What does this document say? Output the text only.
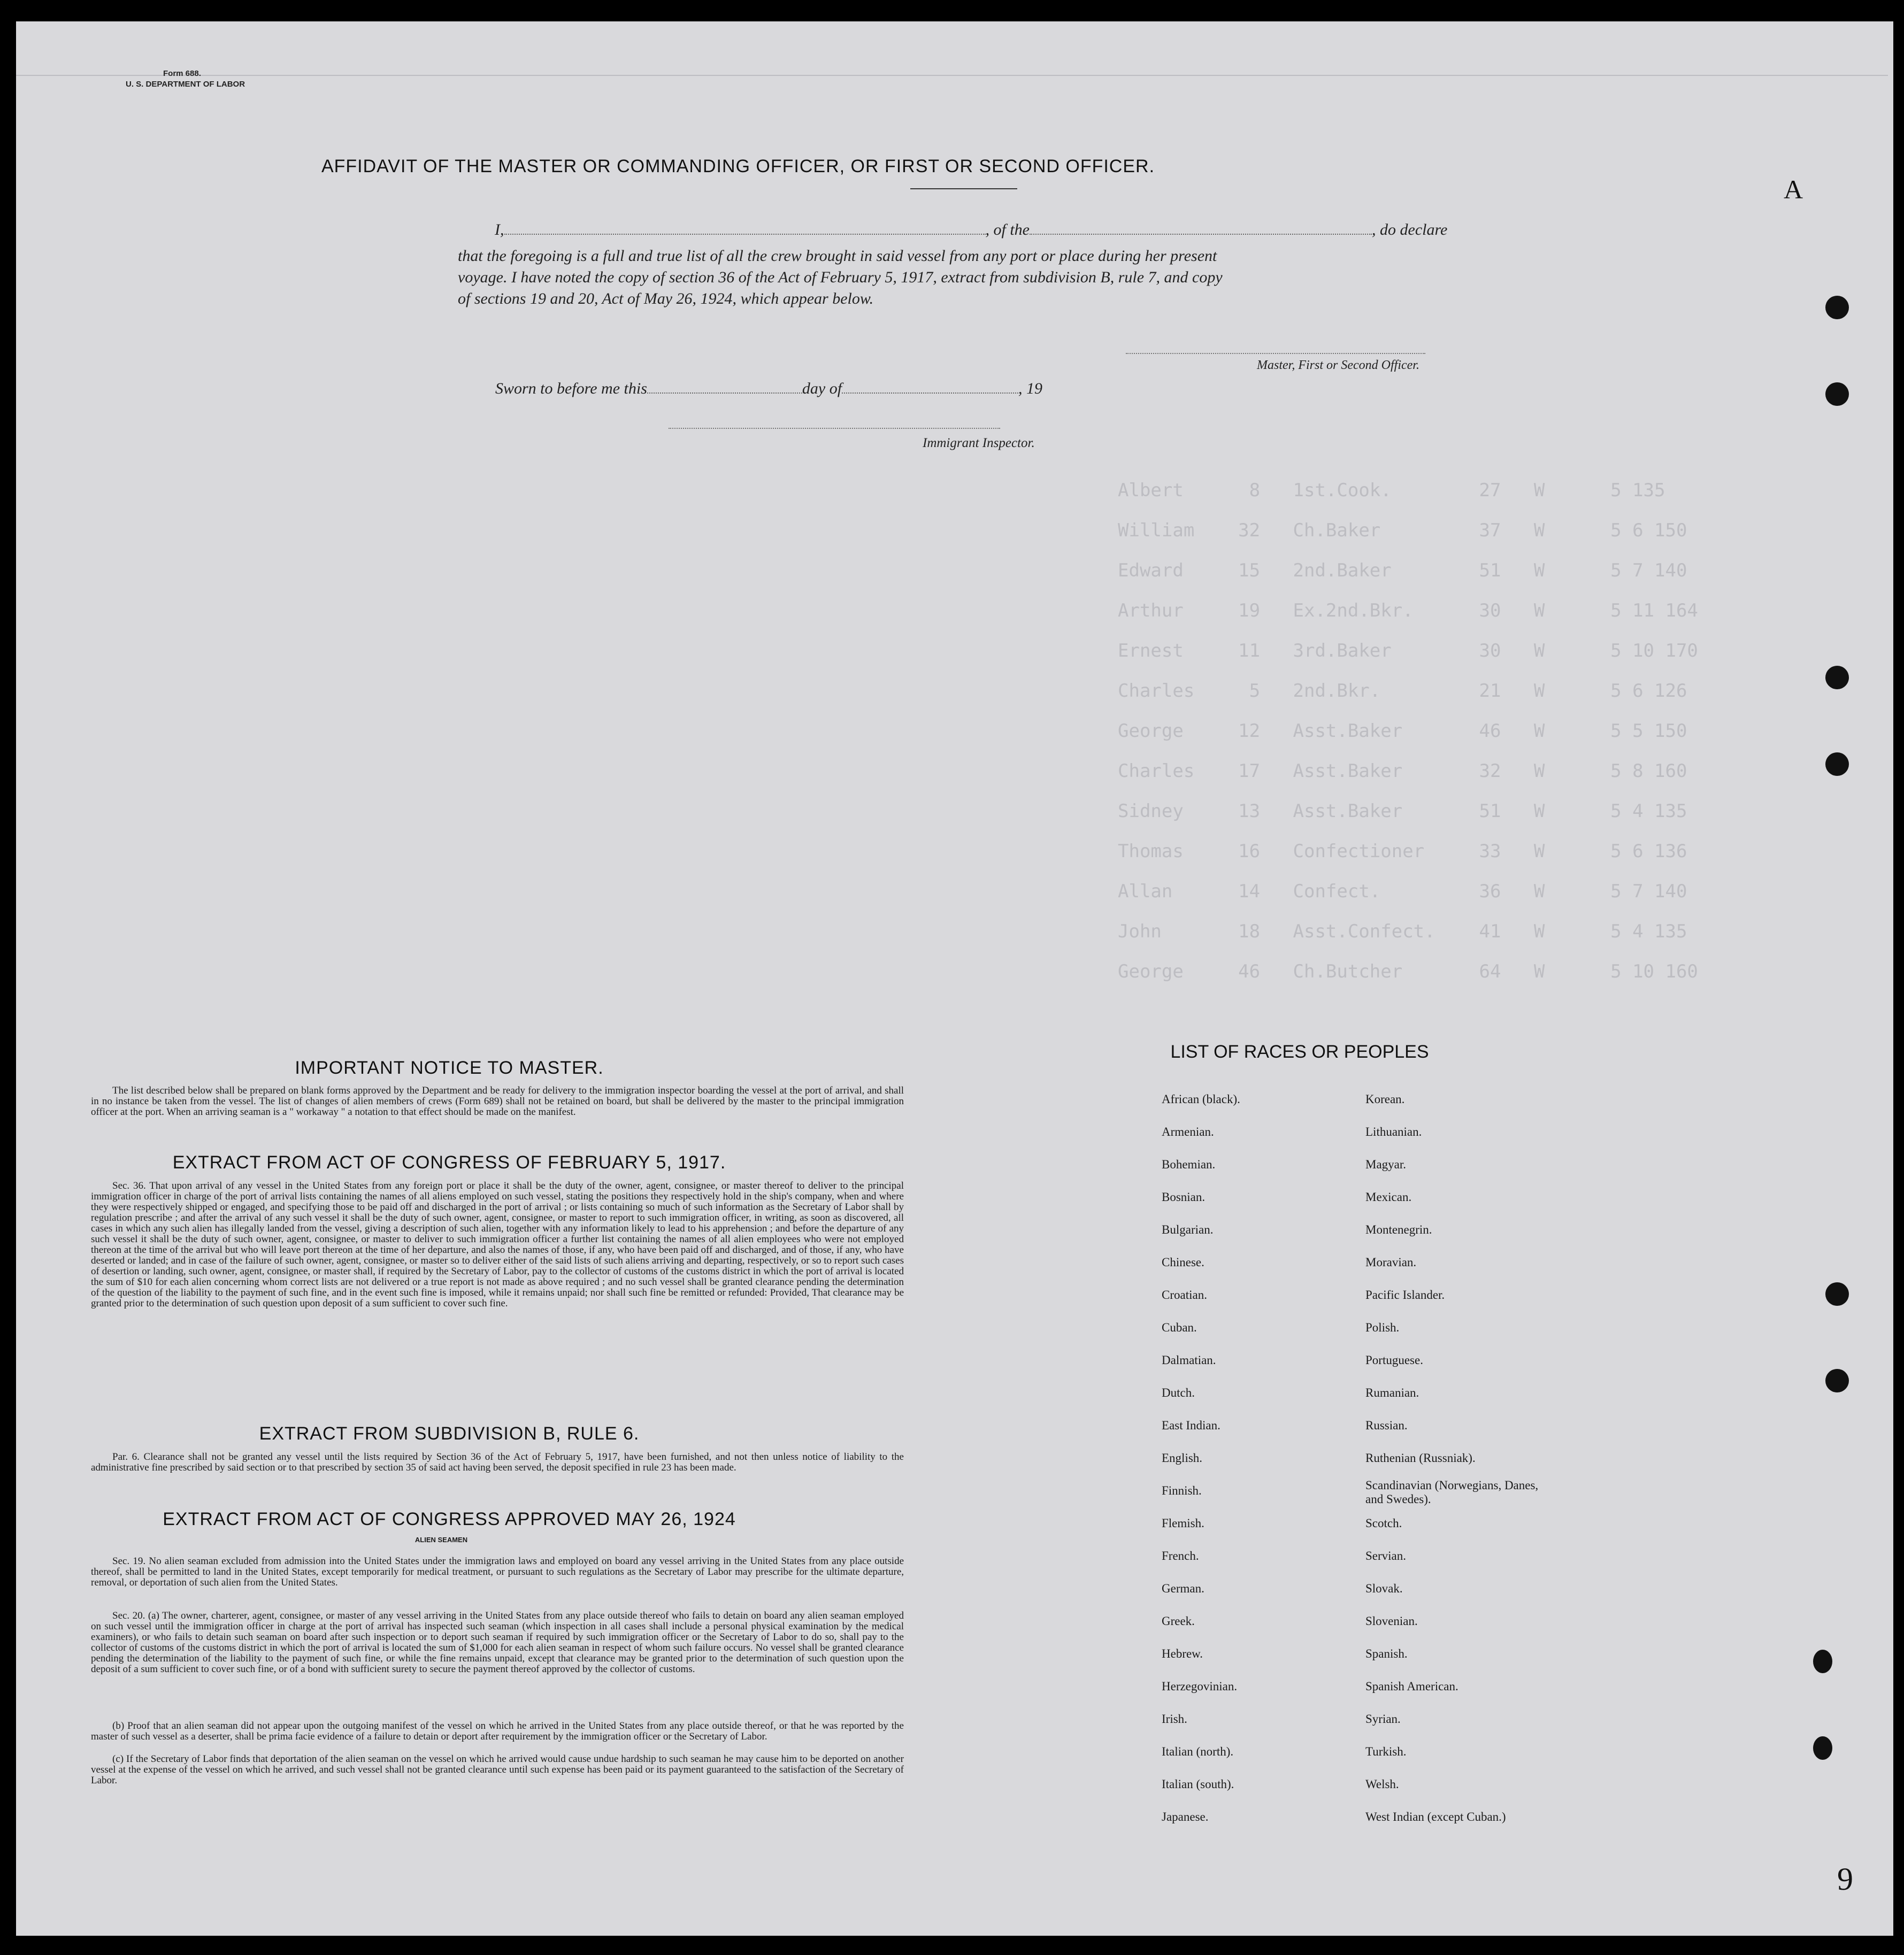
Albert      8   1st.Cook.        27   W      5 135
William    32   Ch.Baker         37   W      5 6 150
Edward     15   2nd.Baker        51   W      5 7 140
Arthur     19   Ex.2nd.Bkr.      30   W      5 11 164
Ernest     11   3rd.Baker        30   W      5 10 170
Charles     5   2nd.Bkr.         21   W      5 6 126
George     12   Asst.Baker       46   W      5 5 150
Charles    17   Asst.Baker       32   W      5 8 160
Sidney     13   Asst.Baker       51   W      5 4 135
Thomas     16   Confectioner     33   W      5 6 136
Allan      14   Confect.         36   W      5 7 140
John       18   Asst.Confect.    41   W      5 4 135
George     46   Ch.Butcher       64   W      5 10 160
Form 688.
U. S. DEPARTMENT OF LABOR
AFFIDAVIT OF THE MASTER OR COMMANDING OFFICER, OR FIRST OR SECOND OFFICER.
I,	, of the	, do declare
that the foregoing is a full and true list of all the crew brought in said vessel from any port or place during her present
voyage. I have noted the copy of section 36 of the Act of February 5, 1917, extract from subdivision B, rule 7, and copy
of sections 19 and 20, Act of May 26, 1924, which appear below.
Master, First or Second Officer.
Sworn to before me this	day of	, 19
Immigrant Inspector.
IMPORTANT NOTICE TO MASTER.
The list described below shall be prepared on blank forms approved by the Department and be ready for delivery to the immigration inspector boarding the vessel at the port of arrival, and shall in no instance be taken from the vessel. The list of changes of alien members of crews (Form 689) shall not be retained on board, but shall be delivered by the master to the principal immigration officer at the port. When an arriving seaman is a " workaway " a notation to that effect should be made on the manifest.
EXTRACT FROM ACT OF CONGRESS OF FEBRUARY 5, 1917.
Sec. 36. That upon arrival of any vessel in the United States from any foreign port or place it shall be the duty of the owner, agent, consignee, or master thereof to deliver to the principal immigration officer in charge of the port of arrival lists containing the names of all aliens employed on such vessel, stating the positions they respectively hold in the ship's company, when and where they were respectively shipped or engaged, and specifying those to be paid off and discharged in the port of arrival ; or lists containing so much of such information as the Secretary of Labor shall by regulation prescribe ; and after the arrival of any such vessel it shall be the duty of such owner, agent, consignee, or master to report to such immigration officer, in writing, as soon as discovered, all cases in which any such alien has illegally landed from the vessel, giving a description of such alien, together with any information likely to lead to his apprehension ; and before the departure of any such vessel it shall be the duty of such owner, agent, consignee, or master to deliver to such immigration officer a further list containing the names of all alien employees who were not employed thereon at the time of the arrival but who will leave port thereon at the time of her departure, and also the names of those, if any, who have been paid off and discharged, and of those, if any, who have deserted or landed; and in case of the failure of such owner, agent, consignee, or master so to deliver either of the said lists of such aliens arriving and departing, respectively, or so to report such cases of desertion or landing, such owner, agent, consignee, or master shall, if required by the Secretary of Labor, pay to the collector of customs of the customs district in which the port of arrival is located the sum of $10 for each alien concerning whom correct lists are not delivered or a true report is not made as above required ; and no such vessel shall be granted clearance pending the determination of the question of the liability to the payment of such fine, and in the event such fine is imposed, while it remains unpaid; nor shall such fine be remitted or refunded: Provided, That clearance may be granted prior to the determination of such question upon deposit of a sum sufficient to cover such fine.
EXTRACT FROM SUBDIVISION B, RULE 6.
Par. 6. Clearance shall not be granted any vessel until the lists required by Section 36 of the Act of February 5, 1917, have been furnished, and not then unless notice of liability to the administrative fine prescribed by said section or to that prescribed by section 35 of said act having been served, the deposit specified in rule 23 has been made.
EXTRACT FROM ACT OF CONGRESS APPROVED MAY 26, 1924
ALIEN SEAMEN
Sec. 19. No alien seaman excluded from admission into the United States under the immigration laws and employed on board any vessel arriving in the United States from any place outside thereof, shall be permitted to land in the United States, except temporarily for medical treatment, or pursuant to such regulations as the Secretary of Labor may prescribe for the ultimate departure, removal, or deportation of such alien from the United States.
Sec. 20. (a) The owner, charterer, agent, consignee, or master of any vessel arriving in the United States from any place outside thereof who fails to detain on board any alien seaman employed on such vessel until the immigration officer in charge at the port of arrival has inspected such seaman (which inspection in all cases shall include a personal physical examination by the medical examiners), or who fails to detain such seaman on board after such inspection or to deport such seaman if required by such immigration officer or the Secretary of Labor to do so, shall pay to the collector of customs of the customs district in which the port of arrival is located the sum of $1,000 for each alien seaman in respect of whom such failure occurs. No vessel shall be granted clearance pending the determination of the liability to the payment of such fine, or while the fine remains unpaid, except that clearance may be granted prior to the determination of such question upon the deposit of a sum sufficient to cover such fine, or of a bond with sufficient surety to secure the payment thereof approved by the collector of customs.
(b) Proof that an alien seaman did not appear upon the outgoing manifest of the vessel on which he arrived in the United States from any place outside thereof, or that he was reported by the master of such vessel as a deserter, shall be prima facie evidence of a failure to detain or deport after requirement by the immigration officer or the Secretary of Labor.
(c) If the Secretary of Labor finds that deportation of the alien seaman on the vessel on which he arrived would cause undue hardship to such seaman he may cause him to be deported on another vessel at the expense of the vessel on which he arrived, and such vessel shall not be granted clearance until such expense has been paid or its payment guaranteed to the satisfaction of the Secretary of Labor.
LIST OF RACES OR PEOPLES
African (black).
Armenian.
Bohemian.
Bosnian.
Bulgarian.
Chinese.
Croatian.
Cuban.
Dalmatian.
Dutch.
East Indian.
English.
Finnish.
Flemish.
French.
German.
Greek.
Hebrew.
Herzegovinian.
Irish.
Italian (north).
Italian (south).
Japanese.
Korean.
Lithuanian.
Magyar.
Mexican.
Montenegrin.
Moravian.
Pacific Islander.
Polish.
Portuguese.
Rumanian.
Russian.
Ruthenian (Russniak).
Scandinavian (Norwegians, Danes, and Swedes).
Scotch.
Servian.
Slovak.
Slovenian.
Spanish.
Spanish American.
Syrian.
Turkish.
Welsh.
West Indian (except Cuban.)
A
9
